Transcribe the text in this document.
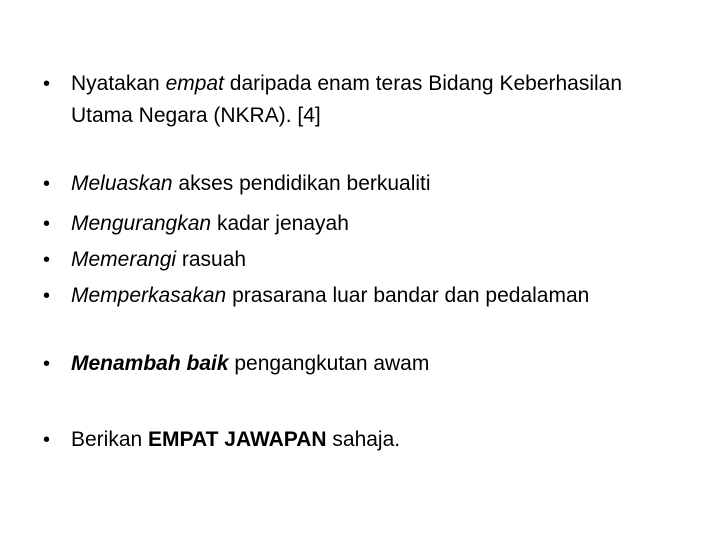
• Nyatakan empat daripada enam teras Bidang Keberhasilan Utama Negara (NKRA). [4]
• Meluaskan akses pendidikan berkualiti
• Mengurangkan kadar jenayah
• Memerangi rasuah
• Memperkasakan prasarana luar bandar dan pedalaman
• Menambah baik pengangkutan awam
• Berikan EMPAT JAWAPAN sahaja.
